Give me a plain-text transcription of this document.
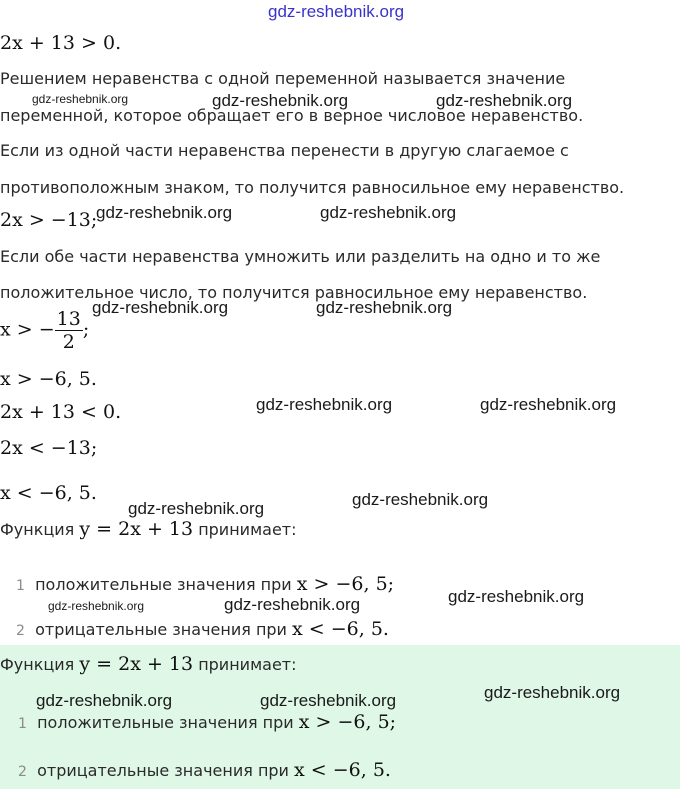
gdz-reshebnik.org
gdz-reshebnik.org	gdz-reshebnik.org	gdz-reshebnik.org
gdz-reshebnik.org	gdz-reshebnik.org
gdz-reshebnik.org	gdz-reshebnik.org
gdz-reshebnik.org	gdz-reshebnik.org
gdz-reshebnik.org	gdz-reshebnik.org
gdz-reshebnik.org	gdz-reshebnik.org	gdz-reshebnik.org
2x + 13 > 0.
Решением неравенства с одной переменной называется значение
переменной, которое обращает его в верное числовое неравенство.
Если из одной части неравенства перенести в другую слагаемое с
противоположным знаком, то получится равносильное ему неравенство.
2x > −13;
Если обе части неравенства умножить или разделить на одно и то же
положительное число, то получится равносильное ему неравенство.
x > − $\frac{13}{2}$ ;
x > −6, 5.
2x + 13 < 0.
2x < −13;
x < −6, 5.
Функция y = 2x + 13 принимает:
1 положительные значения при x > −6, 5;
2 отрицательные значения при x < −6, 5.
Функция y = 2x + 13 принимает:
gdz-reshebnik.org	gdz-reshebnik.org	gdz-reshebnik.org
1 положительные значения при x > −6, 5;
2 отрицательные значения при x < −6, 5.
